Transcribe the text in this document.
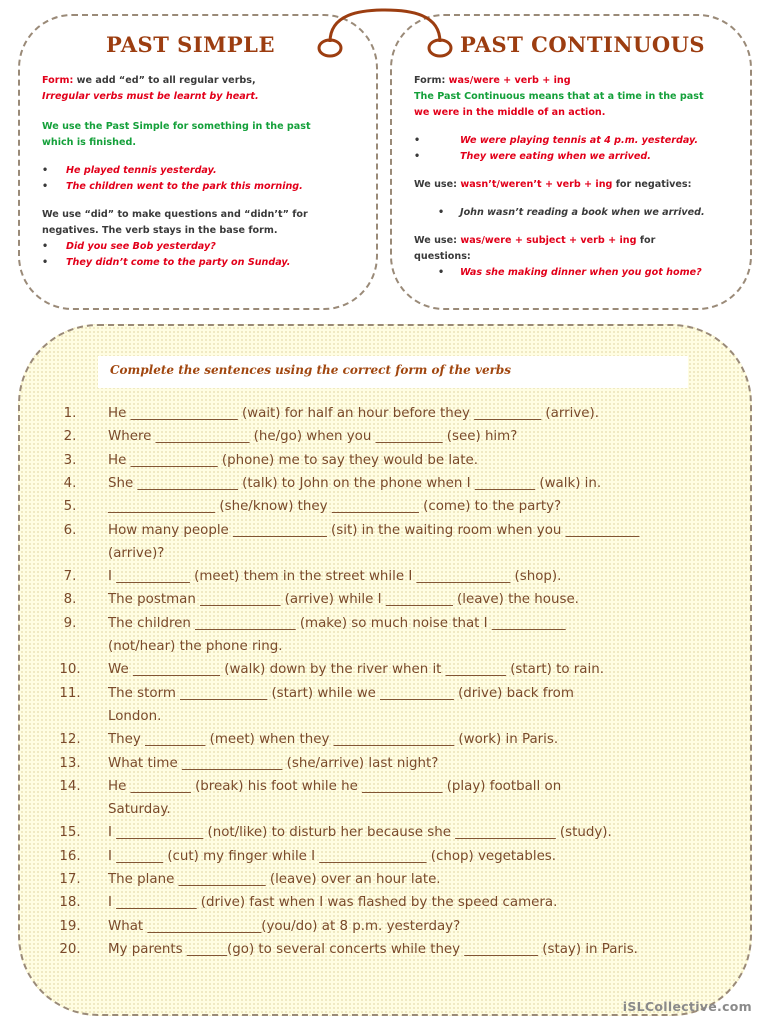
PAST SIMPLE	PAST CONTINUOUS
Form: we add “ed” to all regular verbs,
Irregular verbs must be learnt by heart.
We use the Past Simple for something in the past
which is finished.
• He played tennis yesterday.
• The children went to the park this morning.
We use “did” to make questions and “didn’t” for
negatives. The verb stays in the base form.
• Did you see Bob yesterday?
• They didn’t come to the party on Sunday.
Form: was/were + verb + ing
The Past Continuous means that at a time in the past
we were in the middle of an action.
•	We were playing tennis at 4 p.m. yesterday.
•	They were eating when we arrived.
We use: wasn’t/weren’t + verb + ing for negatives:
• John wasn’t reading a book when we arrived.
We use: was/were + subject + verb + ing for
questions:
• Was she making dinner when you got home?

Complete the sentences using the correct form of the verbs

1.	He ________________ (wait) for half an hour before they __________ (arrive).
2.	Where ______________ (he/go) when you __________ (see) him?
3.	He _____________ (phone) me to say they would be late.
4.	She _______________ (talk) to John on the phone when I _________ (walk) in.
5.	________________ (she/know) they _____________ (come) to the party?
6.	How many people ______________ (sit) in the waiting room when you ___________
(arrive)?
7.	I ___________ (meet) them in the street while I ______________ (shop).
8.	The postman ____________ (arrive) while I __________ (leave) the house.
9.	The children _______________ (make) so much noise that I ___________
(not/hear) the phone ring.
10.	We _____________ (walk) down by the river when it _________ (start) to rain.
11.	The storm _____________ (start) while we ___________ (drive) back from
London.
12.	They _________ (meet) when they __________________ (work) in Paris.
13.	What time _______________ (she/arrive) last night?
14.	He _________ (break) his foot while he ____________ (play) football on
Saturday.
15.	I _____________ (not/like) to disturb her because she _______________ (study).
16.	I _______ (cut) my finger while I ________________ (chop) vegetables.
17.	The plane _____________ (leave) over an hour late.
18.	I ____________ (drive) fast when I was flashed by the speed camera.
19.	What _________________(you/do) at 8 p.m. yesterday?
20.	My parents ______(go) to several concerts while they ___________ (stay) in Paris.

iSLCollective.com
